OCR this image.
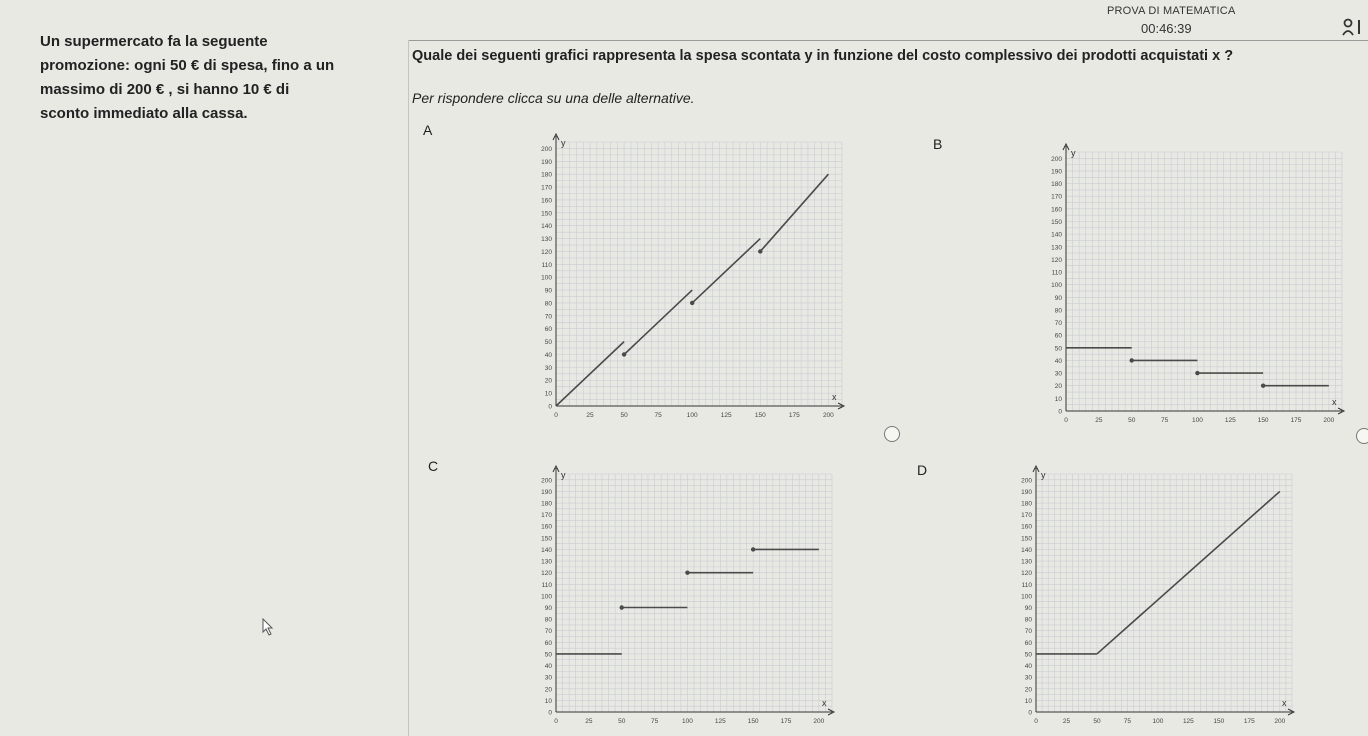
PROVA DI MATEMATICA
00:46:39

Un supermercato fa la seguente

promozione: ogni 50 € di spesa, fino a un

massimo di 200 € , si hanno 10 € di

sconto immediato alla cassa.

Quale dei seguenti grafici rappresenta la spesa scontata y in funzione del costo complessivo dei prodotti acquistati x ?
Per rispondere clicca su una delle alternative.
A
y
x
0
10
20
30
40
50
60
70
80
90
100
110
120
130
140
150
160
170
180
190
200
0	25	50	75	100	125	150	175	200
B
y
x
0
10
20
30
40
50
60
70
80
90
100
110
120
130
140
150
160
170
180
190
200
0	25	50	75	100	125	150	175	200
C
y
x
0
10
20
30
40
50
60
70
80
90
100
110
120
130
140
150
160
170
180
190
200
0	25	50	75	100	125	150	175	200
D	y
x
0
10
20
30
40
50
60
70
80
90
100
110
120
130
140
150
160
170
180
190
200
0	25	50	75	100	125	150	175	200
